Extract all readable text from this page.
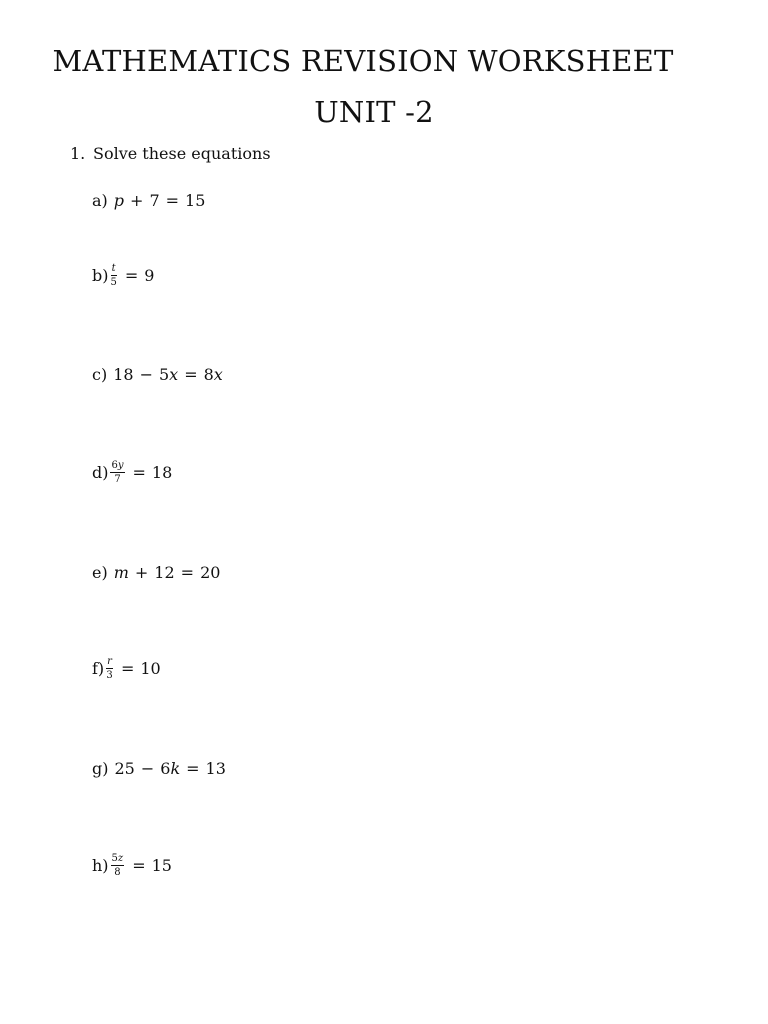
MATHEMATICS REVISION WORKSHEET
UNIT -2
1. Solve these equations
a) p + 7 = 15
$b) \frac{t}{5} = 9$
c) 18 − 5 x = 8 x
$d) \frac{6y}{7} = 18$
e) m + 12 = 20
$f) \frac{r}{3} = 10$
g) 25 − 6 k = 13
$h) \frac{5z}{8} = 15$
